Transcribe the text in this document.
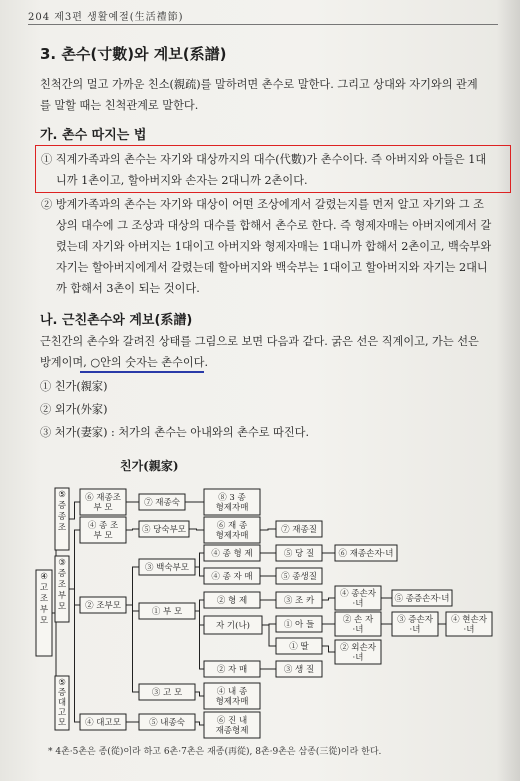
204 제3편 생활예절(生活禮節)
3. 촌수(寸數)와 계보(系譜)
친척간의 멀고 가까운 친소(親疏)를 말하려면 촌수로 말한다. 그리고 상대와 자기와의 관계
를 말할 때는 친척관계로 말한다.
가. 촌수 따지는 법
① 직계가족과의 촌수는 자기와 대상까지의 대수(代數)가 촌수이다. 즉 아버지와 아들은 1대
니까 1촌이고, 할아버지와 손자는 2대니까 2촌이다.
② 방계가족과의 촌수는 자기와 대상이 어떤 조상에게서 갈렸는지를 먼저 알고 자기와 그 조
상의 대수에 그 조상과 대상의 대수를 합해서 촌수로 한다. 즉 형제자매는 아버지에게서 갈
렸는데 자기와 아버지는 1대이고 아버지와 형제자매는 1대니까 합해서 2촌이고, 백숙부와
자기는 할아버지에게서 갈렸는데 할아버지와 백숙부는 1대이고 할아버지와 자기는 2대니
까 합해서 3촌이 되는 것이다.
나. 근친촌수와 계보(系譜)
근친간의 촌수와 갈려진 상태를 그림으로 보면 다음과 같다. 굵은 선은 직계이고, 가는 선은
방계이며, ○안의 숫자는 촌수이다.
① 친가(親家)
② 외가(外家)
③ 처가(妻家) : 처가의 촌수는 아내와의 촌수로 따진다.
친가(親家)
④
고
조
부
모
⑤
증
종
조
③
증
조
부
모
⑤
증
대
고
모
⑥ 재종조
부 모
④ 종 조
부 모
② 조부모
④ 대고모
⑦ 재종숙
⑤ 당숙부모
③ 백숙부모
① 부 모
③ 고 모
⑤ 내종숙
⑧ 3 종
형제자매
⑥ 재 종
형제자매
⑦ 재종질
④ 종 형 제
④ 종 자 매
⑤ 당 질	⑥ 재종손자·녀
⑤ 종생질
② 형 제
자 기(나)
② 자 매
③ 조 카
① 아 들
① 딸
③ 생 질
④ 종손자
·녀	⑤ 종증손자·녀
② 손 자
·녀
② 외손자
·녀
③ 증손자
·녀
④ 현손자
·녀
④ 내 종
형제자매
⑥ 진 내
재종형제
* 4촌·5촌은 종(從)이라 하고 6촌·7촌은 재종(再從), 8촌·9촌은 삼종(三從)이라 한다.
